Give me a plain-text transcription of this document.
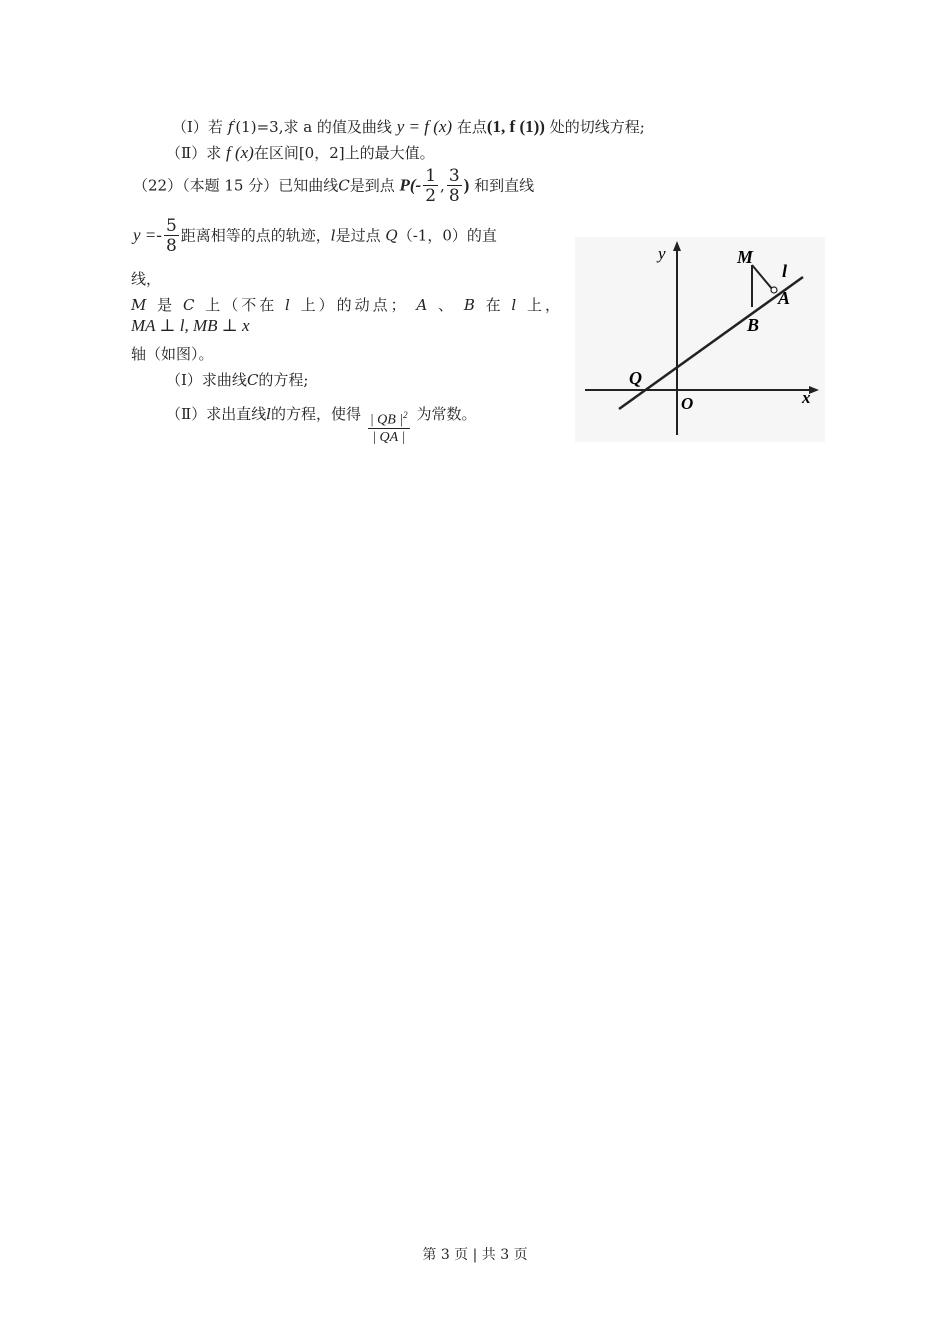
（Ⅰ）若 f′(1)=3,求 a 的值及曲线 y = f (x) 在点(1, f (1)) 处的切线方程;
（Ⅱ）求 f (x)在区间[0，2]上的最大值。
（22）（本题 15 分）已知曲线C是到点 $P(- \frac{1}{2}$ , $\frac{3}{8}$ ) 和到直线
$y =- \frac{5}{8}$ 距离相等的点的轨迹，l是过点 Q（-1，0）的直
线，
M 是 C 上（不在 l 上）的动点； A 、 B 在 l 上，
MA ⊥ l, MB ⊥ x
轴（如图）。
（Ⅰ）求曲线C的方程;
（Ⅱ）求出直线l的方程，使得 $\frac{| QB |^2}{| QA |}$ 为常数。
y
x
O
Q
M
l
A
B
第 3 页 | 共 3 页
